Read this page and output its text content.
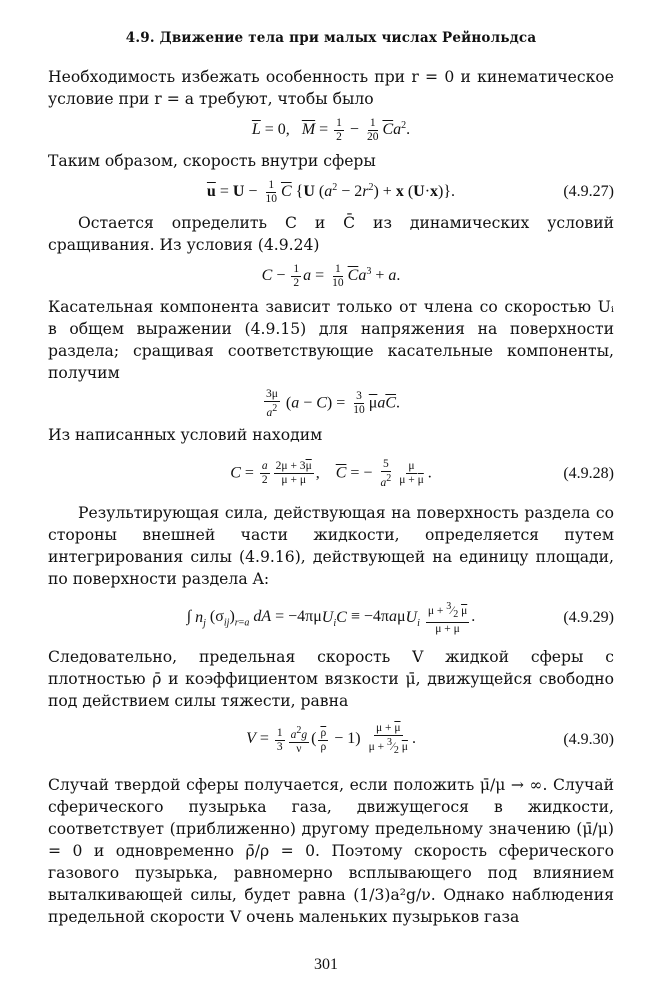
4.9. Движение тела при малых числах Рейнольдса

Необходимость избежать особенность при r = 0 и кинематическое условие при r = a требуют, чтобы было

$\overline{L} = 0$,   $\overline{M} = \frac{1}{2} - \frac{1}{20} \overline{C}a^2$.

Таким образом, скорость внутри сферы

$\overline{u} = U - \frac{1}{10} \overline{C}$ {U $(a^2 - 2r^2) + x$ (U·x)}.	(4.9.27)

Остается определить C и C̄ из динамических условий сращивания. Из условия (4.9.24)

$C - \frac{1}{2}$ $a = \frac{1}{10} \overline{C}a^3 + a$.

Касательная компонента зависит только от члена со скоростью Uᵢ в общем выражении (4.9.15) для напряжения на поверхности раздела; сращивая соответствующие касательные компоненты, получим

$\frac{3\mu}{a^2} (a - C) = \frac{3}{10} \overline{\mu}a\overline{C}$.

Из написанных условий находим

$C = \frac{a}{2} \frac{2\mu + 3\overline{\mu}}{\mu + \overline{\mu}}$ , $\overline{C}$ = − $\frac{5}{a^2} \frac{\mu}{\mu + \overline{\mu}}$ .	(4.9.28)

Результирующая сила, действующая на поверхность раздела со стороны внешней части жидкости, определяется путем интегрирования силы (4.9.16), действующей на единицу площади, по поверхности раздела A:

∫ $n_j$ $(\sigma_{ij})_{r=a}$ dA = $-4\pi\mu U_iC \equiv -4\pi a\mu U_i \frac{\mu + ^3⁄_2 \overline{\mu}}{\mu + \overline{\mu}}$ .	(4.9.29)

Следовательно, предельная скорость V жидкой сферы с плотностью ρ̄ и коэффициентом вязкости μ̄, движущейся свободно под действием силы тяжести, равна

$V = \frac{1}{3} \frac{a^2g}{\nu}$ ( $\frac{\overline{\rho}}{\rho} - 1) \frac{\mu + \overline{\mu}}{\mu + ^3⁄_2 \overline{\mu}}$ .	(4.9.30)

Случай твердой сферы получается, если положить μ̄/μ → ∞. Случай сферического пузырька газа, движущегося в жидкости, соответствует (приближенно) другому предельному значению (μ̄/μ) = 0 и одновременно ρ̄/ρ = 0. Поэтому скорость сферического газового пузырька, равномерно всплывающего под влиянием выталкивающей силы, будет равна (1/3)a²g/ν. Однако наблюдения предельной скорости V очень маленьких пузырьков газа

301
